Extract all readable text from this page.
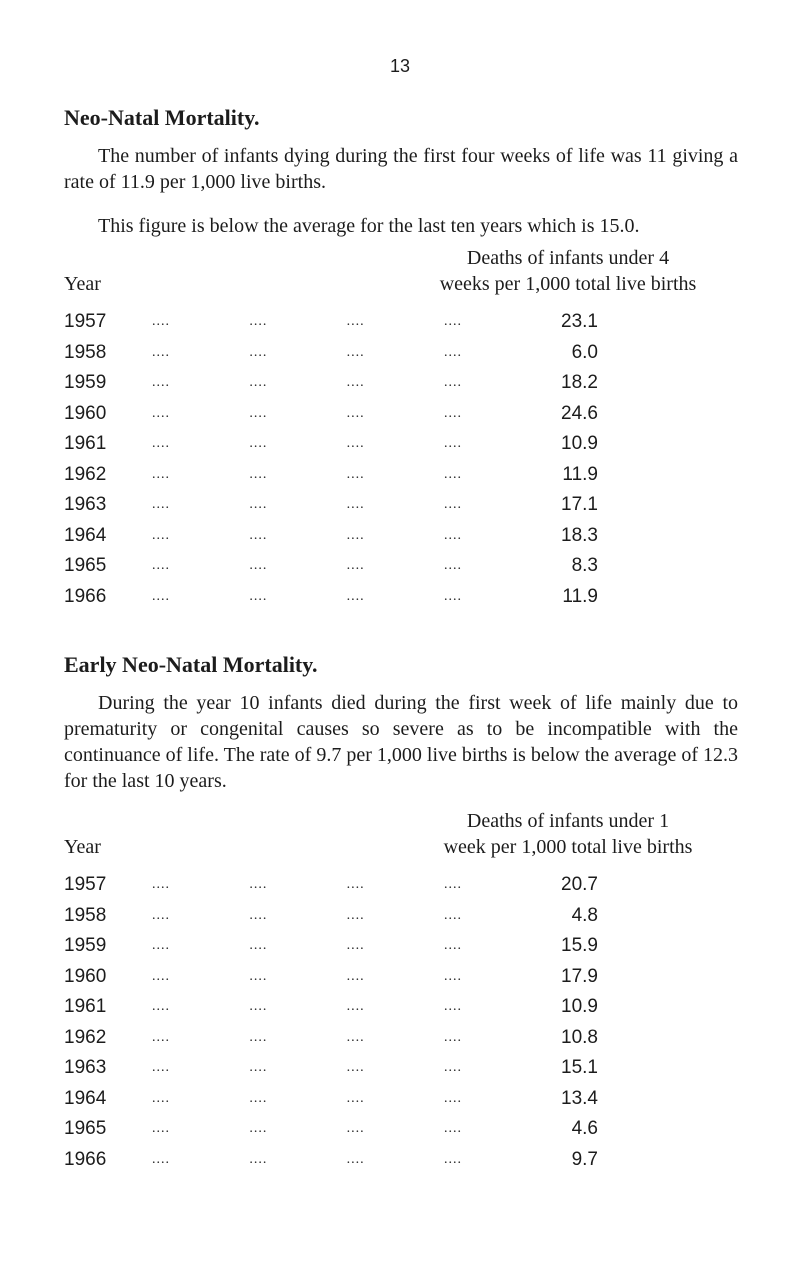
13
Neo-Natal Mortality.

The number of infants dying during the first four weeks of life was 11 giving a rate of 11.9 per 1,000 live births.

This figure is below the average for the last ten years which is 15.0.

Year
Deaths of infants under 4
weeks per 1,000 total live births
1957	....	....	....	....	23.1
1958	....	....	....	....	6.0
1959	....	....	....	....	18.2
1960	....	....	....	....	24.6
1961	....	....	....	....	10.9
1962	....	....	....	....	11.9
1963	....	....	....	....	17.1
1964	....	....	....	....	18.3
1965	....	....	....	....	8.3
1966	....	....	....	....	11.9
Early Neo-Natal Mortality.

During the year 10 infants died during the first week of life mainly due to prematurity or congenital causes so severe as to be incompatible with the continuance of life. The rate of 9.7 per 1,000 live births is below the average of 12.3 for the last 10 years.

Year
Deaths of infants under 1
week per 1,000 total live births
1957	....	....	....	....	20.7
1958	....	....	....	....	4.8
1959	....	....	....	....	15.9
1960	....	....	....	....	17.9
1961	....	....	....	....	10.9
1962	....	....	....	....	10.8
1963	....	....	....	....	15.1
1964	....	....	....	....	13.4
1965	....	....	....	....	4.6
1966	....	....	....	....	9.7
